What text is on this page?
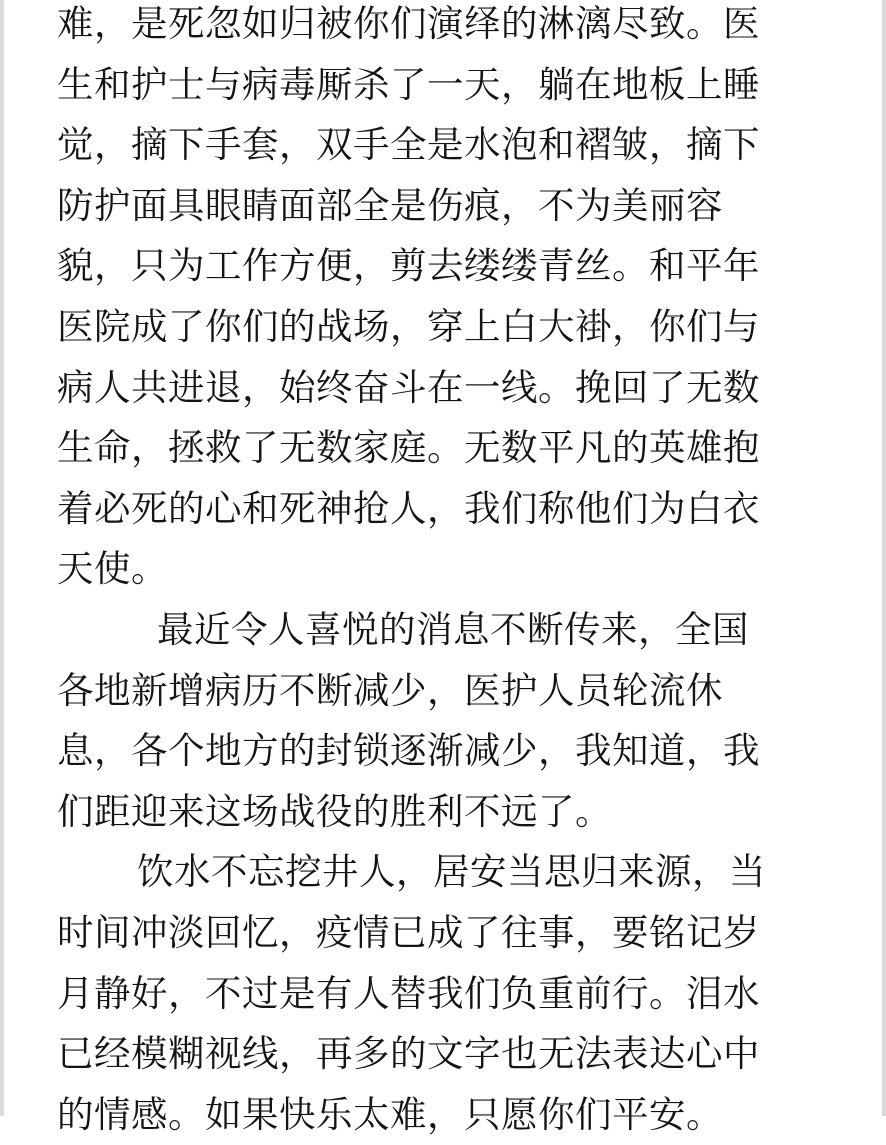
难，是死忽如归被你们演绎的淋漓尽致。医
生和护士与病毒厮杀了一天，躺在地板上睡
觉，摘下手套，双手全是水泡和褶皱，摘下
防护面具眼睛面部全是伤痕，不为美丽容
貌，只为工作方便，剪去缕缕青丝。和平年
医院成了你们的战场，穿上白大褂，你们与
病人共进退，始终奋斗在一线。挽回了无数
生命，拯救了无数家庭。无数平凡的英雄抱
着必死的心和死神抢人，我们称他们为白衣
天使。
最近令人喜悦的消息不断传来，全国
各地新增病历不断减少，医护人员轮流休
息，各个地方的封锁逐渐减少，我知道，我
们距迎来这场战役的胜利不远了。
饮水不忘挖井人，居安当思归来源，当
时间冲淡回忆，疫情已成了往事，要铭记岁
月静好，不过是有人替我们负重前行。泪水
已经模糊视线，再多的文字也无法表达心中
的情感。如果快乐太难，只愿你们平安。
